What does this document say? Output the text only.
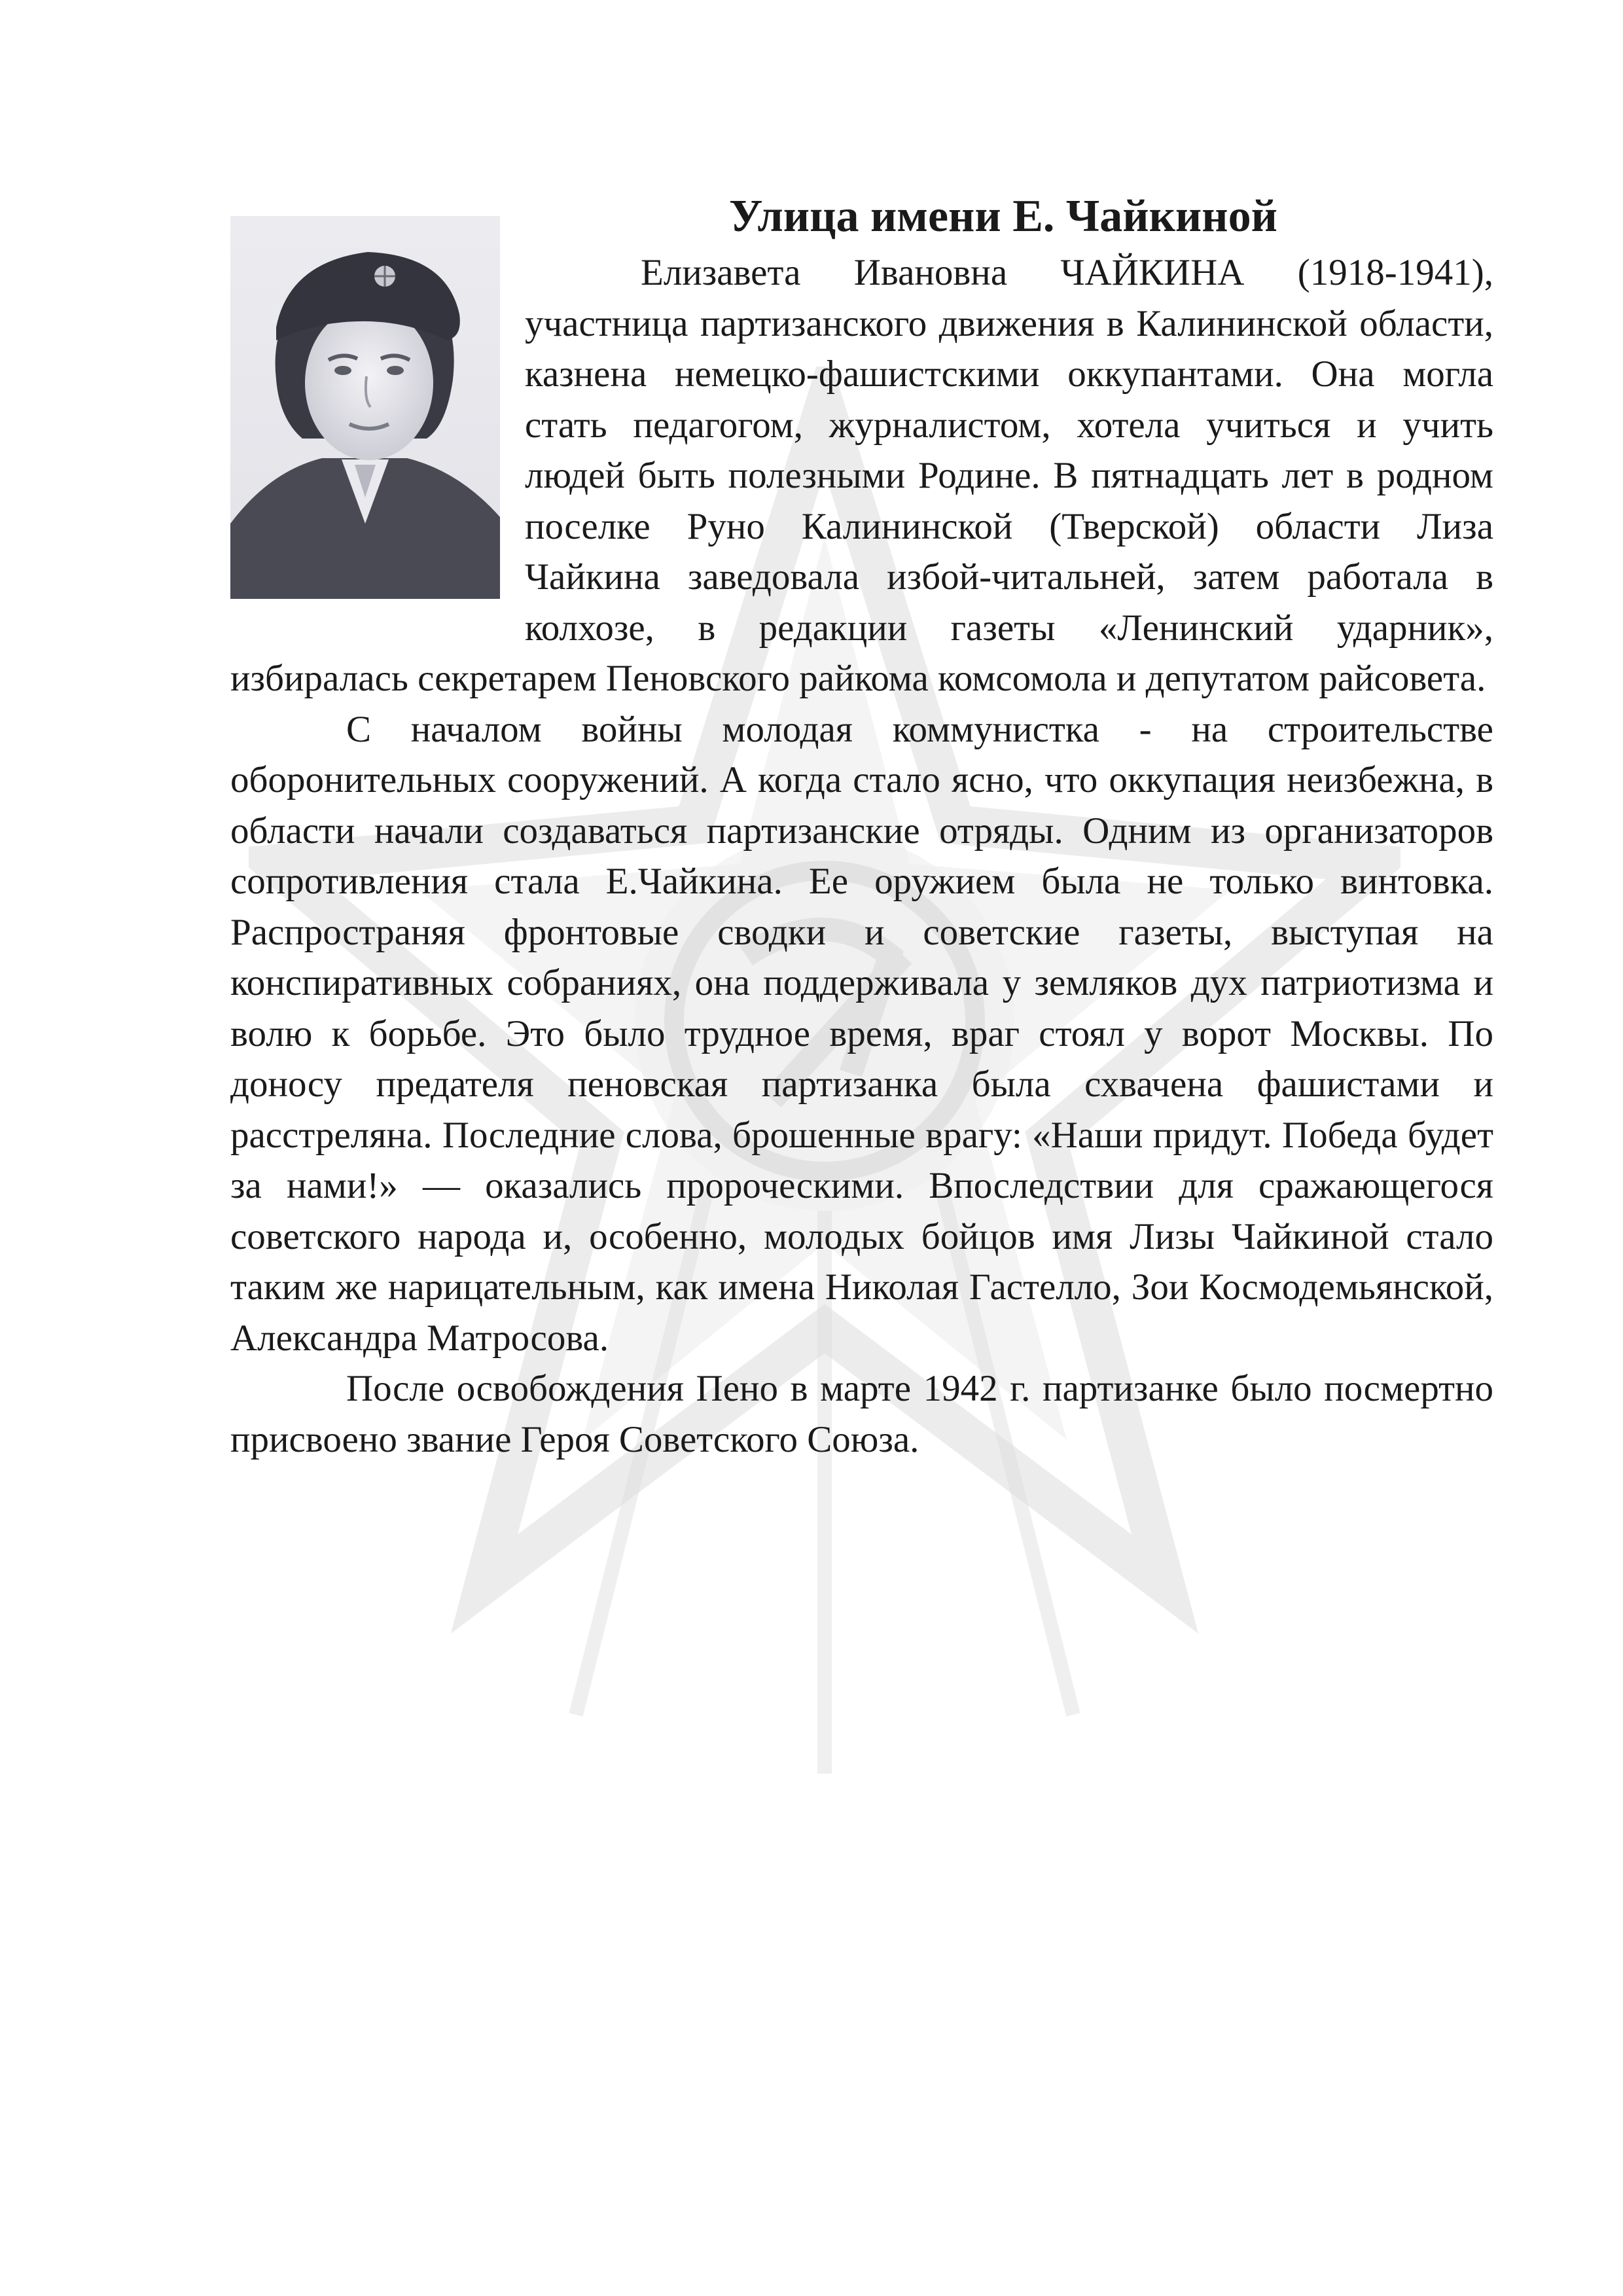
Улица имени Е. Чайкиной

Елизавета Ивановна ЧАЙКИНА (1918-1941), участница партизанского движения в Калининской области, казнена немецко-фашистскими оккупантами. Она могла стать педагогом, журналистом, хотела учиться и учить людей быть полезными Родине. В пятнадцать лет в родном поселке Руно Калининской (Тверской) области Лиза Чайкина заведовала избой-читальней, затем работала в колхозе, в редакции газеты «Ленинский ударник», избиралась секретарем Пеновского райкома комсомола и депутатом райсовета.

С началом войны молодая коммунистка - на строительстве оборонительных сооружений. А когда стало ясно, что оккупация неизбежна, в области начали создаваться партизанские отряды. Одним из организаторов сопротивления стала Е.Чайкина. Ее оружием была не только винтовка. Распространяя фронтовые сводки и советские газеты, выступая на конспиративных собраниях, она поддерживала у земляков дух патриотизма и волю к борьбе. Это было трудное время, враг стоял у ворот Москвы. По доносу предателя пеновская партизанка была схвачена фашистами и расстреляна. Последние слова, брошенные врагу: «Наши придут. Победа будет за нами!» — оказались пророческими. Впоследствии для сражающегося советского народа и, особенно, молодых бойцов имя Лизы Чайкиной стало таким же нарицательным, как имена Николая Гастелло, Зои Космодемьянской, Александра Матросова.

После освобождения Пено в марте 1942 г. партизанке было посмертно присвоено звание Героя Советского Союза.
